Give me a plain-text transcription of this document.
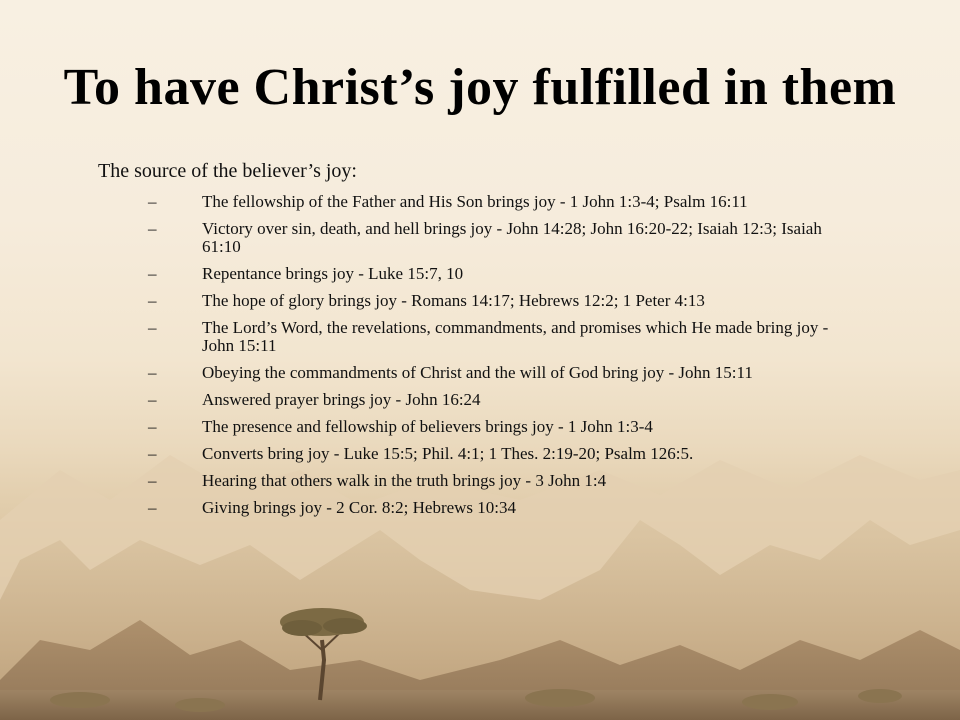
To have Christ’s joy fulfilled in them
The source of the believer’s joy:
–	The fellowship of the Father and His Son brings joy - 1 John 1:3-4; Psalm 16:11
–	Victory over sin, death, and hell brings joy - John 14:28; John 16:20-22; Isaiah 12:3; Isaiah 61:10
–	Repentance brings joy - Luke 15:7, 10
–	The hope of glory brings joy - Romans 14:17; Hebrews 12:2; 1 Peter 4:13
–	The Lord’s Word, the revelations, commandments, and promises which He made bring joy - John 15:11
–	Obeying the commandments of Christ and the will of God bring joy - John 15:11
–	Answered prayer brings joy - John 16:24
–	The presence and fellowship of believers brings joy - 1 John 1:3-4
–	Converts bring joy - Luke 15:5; Phil. 4:1; 1 Thes. 2:19-20; Psalm 126:5.
–	Hearing that others walk in the truth brings joy - 3 John 1:4
–	Giving brings joy - 2 Cor. 8:2; Hebrews 10:34
